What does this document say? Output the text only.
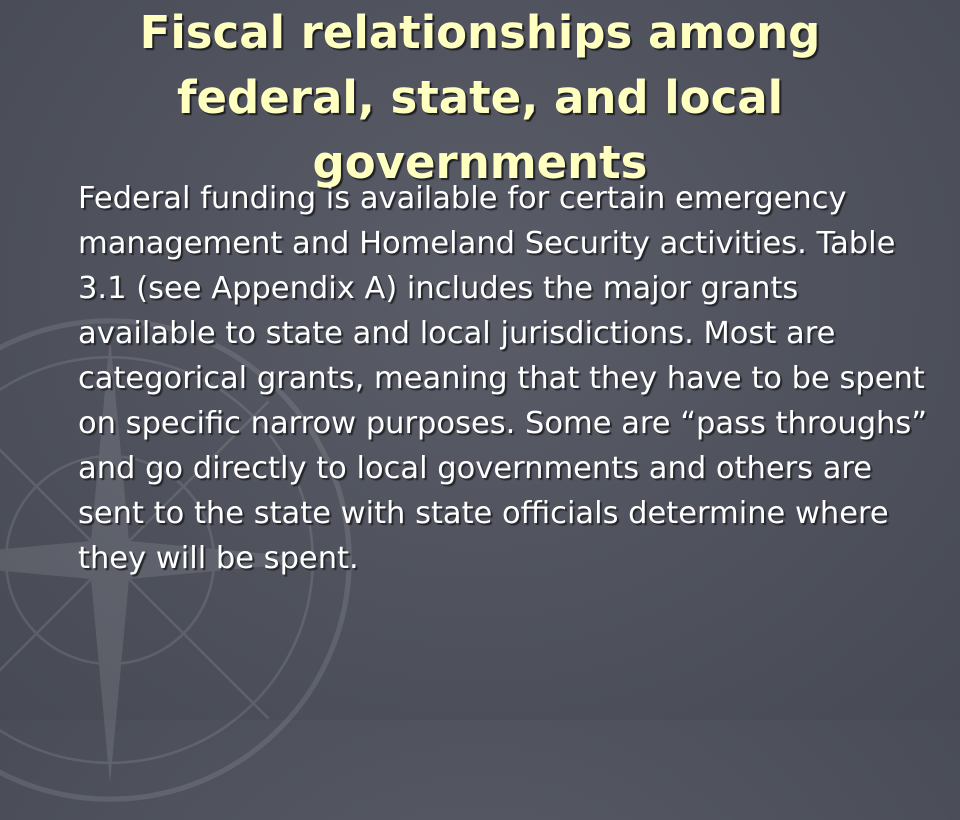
Fiscal relationships among federal, state, and local governments

Federal funding is available for certain emergency management and Homeland Security activities. Table 3.1 (see Appendix A) includes the major grants available to state and local jurisdictions. Most are categorical grants, meaning that they have to be spent on specific narrow purposes. Some are “pass throughs” and go directly to local governments and others are sent to the state with state officials determine where they will be spent.
